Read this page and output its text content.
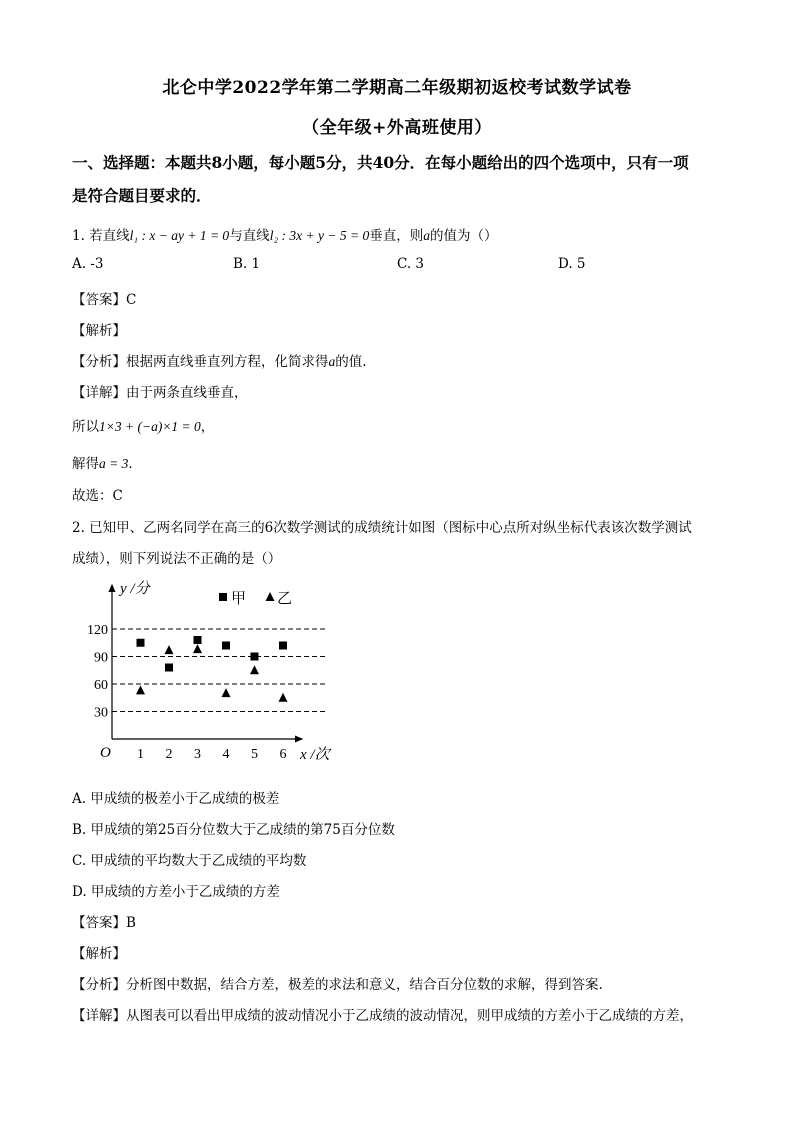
北仑中学2022学年第二学期高二年级期初返校考试数学试卷
（全年级+外高班使用）
一、选择题：本题共8小题，每小题5分，共40分．在每小题给出的四个选项中，只有一项
是符合题目要求的．
1. 若直线l₁ : x − ay + 1 = 0与直线l₂ : 3x + y − 5 = 0垂直，则a的值为（）
A. -3	B. 1	C. 3	D. 5
【答案】C
【解析】
【分析】根据两直线垂直列方程，化简求得a的值.
【详解】由于两条直线垂直，
所以1×3 + (−a)×1 = 0，
解得a = 3．
故选：C
2. 已知甲、乙两名同学在高三的6次数学测试的成绩统计如图（图标中心点所对纵坐标代表该次数学测试
成绩），则下列说法不正确的是（）
O
y /分
x /次
30
60
90
120
1 2 3 4 5 6
甲 乙
A. 甲成绩的极差小于乙成绩的极差
B. 甲成绩的第25百分位数大于乙成绩的第75百分位数
C. 甲成绩的平均数大于乙成绩的平均数
D. 甲成绩的方差小于乙成绩的方差
【答案】B
【解析】
【分析】分析图中数据，结合方差，极差的求法和意义，结合百分位数的求解，得到答案.
【详解】从图表可以看出甲成绩的波动情况小于乙成绩的波动情况，则甲成绩的方差小于乙成绩的方差，
